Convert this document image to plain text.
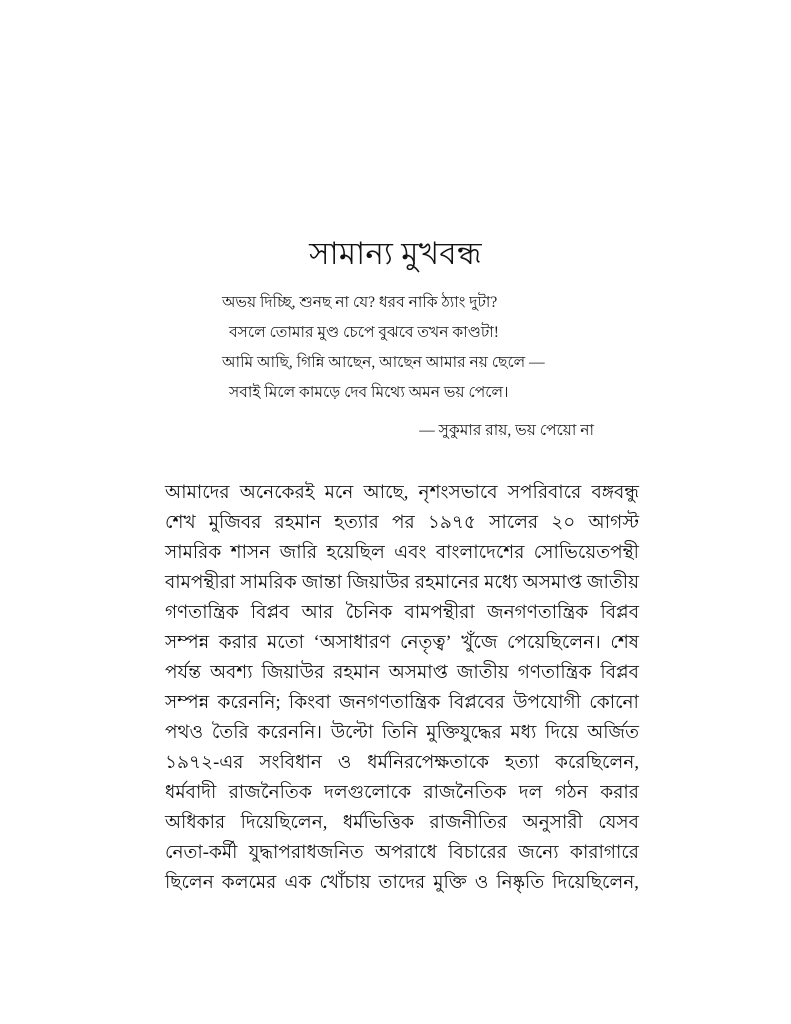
সামান্য মুখবন্ধ
অভয় দিচ্ছি, শুনছ না যে? ধরব নাকি ঠ্যাং দুটা?
বসলে তোমার মুণ্ড চেপে বুঝবে তখন কাণ্ডটা!
আমি আছি, গিন্নি আছেন, আছেন আমার নয় ছেলে —
সবাই মিলে কামড়ে দেব মিথ্যে অমন ভয় পেলে।
— সুকুমার রায়, ভয় পেয়ো না
আমাদের অনেকেরই মনে আছে, নৃশংসভাবে সপরিবারে বঙ্গবন্ধু
শেখ মুজিবর রহমান হত্যার পর ১৯৭৫ সালের ২০ আগস্ট
সামরিক শাসন জারি হয়েছিল এবং বাংলাদেশের সোভিয়েতপন্থী
বামপন্থীরা সামরিক জান্তা জিয়াউর রহমানের মধ্যে অসমাপ্ত জাতীয়
গণতান্ত্রিক বিপ্লব আর চৈনিক বামপন্থীরা জনগণতান্ত্রিক বিপ্লব
সম্পন্ন করার মতো ‘অসাধারণ নেতৃত্ব’ খুঁজে পেয়েছিলেন। শেষ
পর্যন্ত অবশ্য জিয়াউর রহমান অসমাপ্ত জাতীয় গণতান্ত্রিক বিপ্লব
সম্পন্ন করেননি; কিংবা জনগণতান্ত্রিক বিপ্লবের উপযোগী কোনো
পথও তৈরি করেননি। উল্টো তিনি মুক্তিযুদ্ধের মধ্য দিয়ে অর্জিত
১৯৭২-এর সংবিধান ও ধর্মনিরপেক্ষতাকে হত্যা করেছিলেন,
ধর্মবাদী রাজনৈতিক দলগুলোকে রাজনৈতিক দল গঠন করার
অধিকার দিয়েছিলেন, ধর্মভিত্তিক রাজনীতির অনুসারী যেসব
নেতা-কর্মী যুদ্ধাপরাধজনিত অপরাধে বিচারের জন্যে কারাগারে
ছিলেন কলমের এক খোঁচায় তাদের মুক্তি ও নিষ্কৃতি দিয়েছিলেন,
